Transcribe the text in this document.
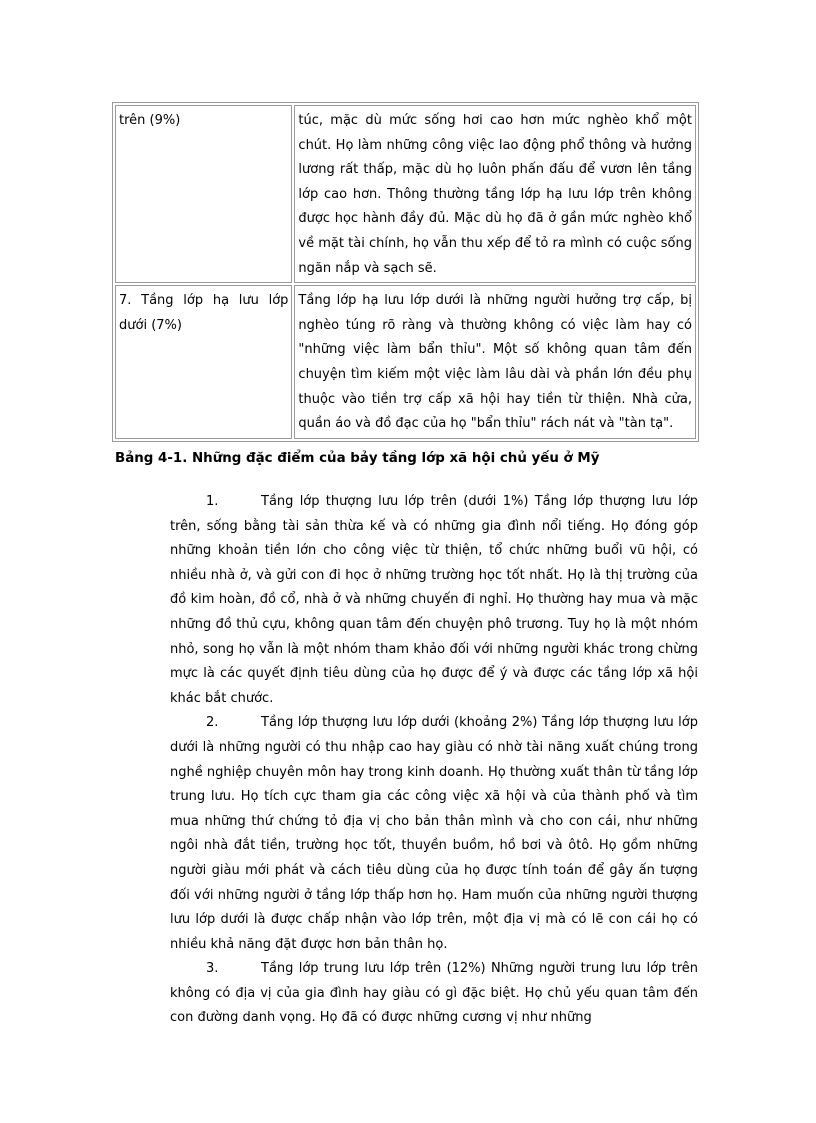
trên (9%)	túc, mặc dù mức sống hơi cao hơn mức nghèo khổ một chút. Họ làm những công việc lao động phổ thông và hưởng lương rất thấp, mặc dù họ luôn phấn đấu để vươn lên tầng lớp cao hơn. Thông thường tầng lớp hạ lưu lớp trên không được học hành đầy đủ. Mặc dù họ đã ở gần mức nghèo khổ về mặt tài chính, họ vẫn thu xếp để tỏ ra mình có cuộc sống ngăn nắp và sạch sẽ.
7. Tầng lớp hạ lưu lớp dưới (7%)	Tầng lớp hạ lưu lớp dưới là những người hưởng trợ cấp, bị nghèo túng rõ ràng và thường không có việc làm hay có "những việc làm bẩn thỉu". Một số không quan tâm đến chuyện tìm kiếm một việc làm lâu dài và phần lớn đều phụ thuộc vào tiền trợ cấp xã hội hay tiền từ thiện. Nhà cửa, quần áo và đồ đạc của họ "bẩn thỉu" rách nát và "tàn tạ".
Bảng 4-1. Những đặc điểm của bảy tầng lớp xã hội chủ yếu ở Mỹ

1.	Tầng lớp thượng lưu lớp trên (dưới 1%) Tầng lớp thượng lưu lớp trên, sống bằng tài sản thừa kế và có những gia đình nổi tiếng. Họ đóng góp những khoản tiền lớn cho công việc từ thiện, tổ chức những buổi vũ hội, có nhiều nhà ở, và gửi con đi học ở những trường học tốt nhất. Họ là thị trường của đồ kim hoàn, đồ cổ, nhà ở và những chuyến đi nghỉ. Họ thường hay mua và mặc những đồ thủ cựu, không quan tâm đến chuyện phô trương. Tuy họ là một nhóm nhỏ, song họ vẫn là một nhóm tham khảo đối với những người khác trong chừng mực là các quyết định tiêu dùng của họ được để ý và được các tầng lớp xã hội khác bắt chước.

2.	Tầng lớp thượng lưu lớp dưới (khoảng 2%) Tầng lớp thượng lưu lớp dưới là những người có thu nhập cao hay giàu có nhờ tài năng xuất chúng trong nghề nghiệp chuyên môn hay trong kinh doanh. Họ thường xuất thân từ tầng lớp trung lưu. Họ tích cực tham gia các công việc xã hội và của thành phố và tìm mua những thứ chứng tỏ địa vị cho bản thân mình và cho con cái, như những ngôi nhà đắt tiền, trường học tốt, thuyền buồm, hồ bơi và ôtô. Họ gồm những người giàu mới phát và cách tiêu dùng của họ được tính toán để gây ấn tượng đối với những người ở tầng lớp thấp hơn họ. Ham muốn của những người thượng lưu lớp dưới là được chấp nhận vào lớp trên, một địa vị mà có lẽ con cái họ có nhiều khả năng đặt được hơn bản thân họ.

3.	Tầng lớp trung lưu lớp trên (12%) Những người trung lưu lớp trên không có địa vị của gia đình hay giàu có gì đặc biệt. Họ chủ yếu quan tâm đến con đường danh vọng. Họ đã có được những cương vị như những
